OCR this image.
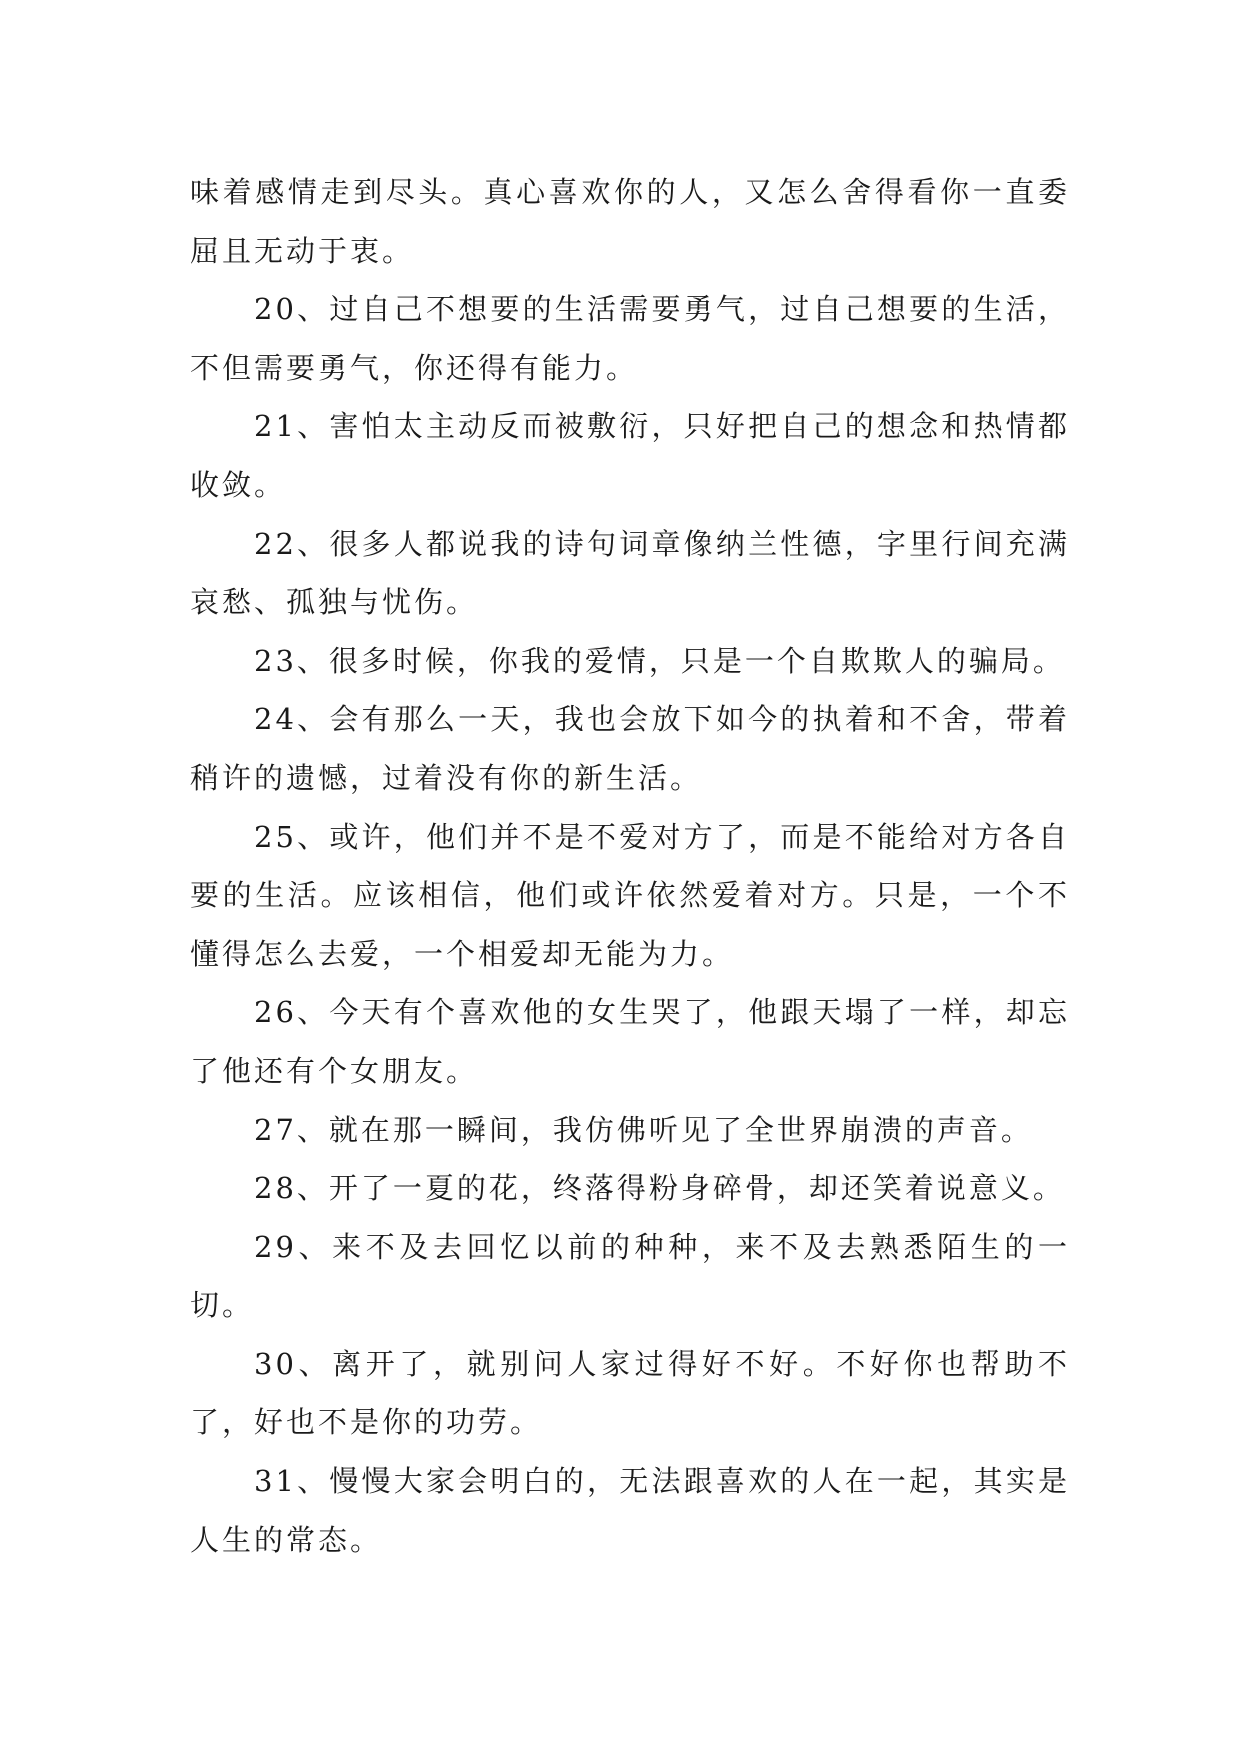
味着感情走到尽头。真心喜欢你的人，又怎么舍得看你一直委屈且无动于衷。

20、过自己不想要的生活需要勇气，过自己想要的生活，不但需要勇气，你还得有能力。

21、害怕太主动反而被敷衍，只好把自己的想念和热情都收敛。

22、很多人都说我的诗句词章像纳兰性德，字里行间充满哀愁、孤独与忧伤。

23、很多时候，你我的爱情，只是一个自欺欺人的骗局。

24、会有那么一天，我也会放下如今的执着和不舍，带着稍许的遗憾，过着没有你的新生活。

25、或许，他们并不是不爱对方了，而是不能给对方各自要的生活。应该相信，他们或许依然爱着对方。只是，一个不懂得怎么去爱，一个相爱却无能为力。

26、今天有个喜欢他的女生哭了，他跟天塌了一样，却忘了他还有个女朋友。

27、就在那一瞬间，我仿佛听见了全世界崩溃的声音。

28、开了一夏的花，终落得粉身碎骨，却还笑着说意义。

29、来不及去回忆以前的种种，来不及去熟悉陌生的一切。

30、离开了，就别问人家过得好不好。不好你也帮助不了，好也不是你的功劳。

31、慢慢大家会明白的，无法跟喜欢的人在一起，其实是人生的常态。
